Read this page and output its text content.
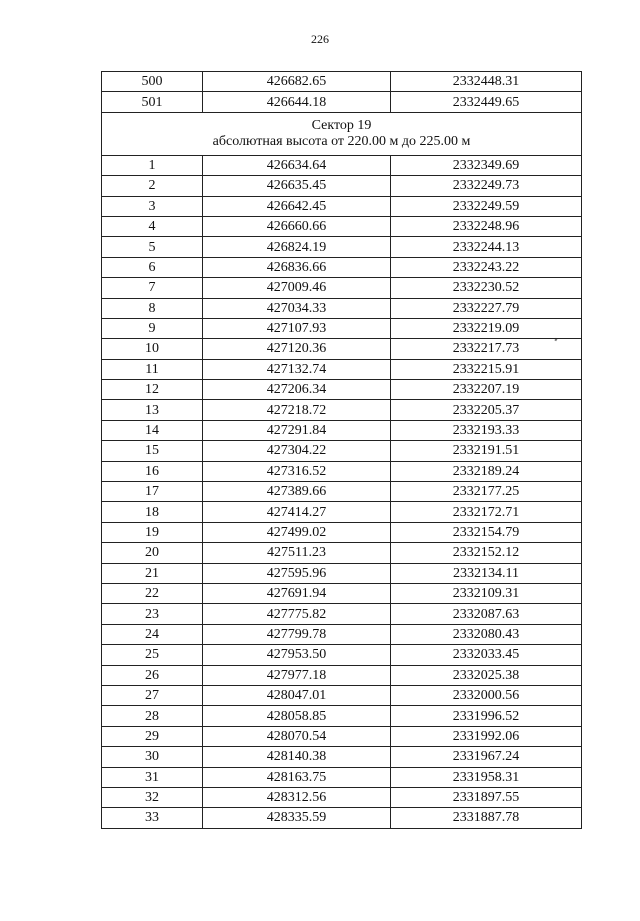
226
500	426682.65	2332448.31
501	426644.18	2332449.65

Сектор 19
абсолютная высота от 220.00 м до 225.00 м		

1	426634.64	2332349.69
2	426635.45	2332249.73
3	426642.45	2332249.59
4	426660.66	2332248.96
5	426824.19	2332244.13
6	426836.66	2332243.22
7	427009.46	2332230.52
8	427034.33	2332227.79
9	427107.93	2332219.09
10	427120.36	2332217.73
11	427132.74	2332215.91
12	427206.34	2332207.19
13	427218.72	2332205.37
14	427291.84	2332193.33
15	427304.22	2332191.51
16	427316.52	2332189.24
17	427389.66	2332177.25
18	427414.27	2332172.71
19	427499.02	2332154.79
20	427511.23	2332152.12
21	427595.96	2332134.11
22	427691.94	2332109.31
23	427775.82	2332087.63
24	427799.78	2332080.43
25	427953.50	2332033.45
26	427977.18	2332025.38
27	428047.01	2332000.56
28	428058.85	2331996.52
29	428070.54	2331992.06
30	428140.38	2331967.24
31	428163.75	2331958.31
32	428312.56	2331897.55
33	428335.59	2331887.78
